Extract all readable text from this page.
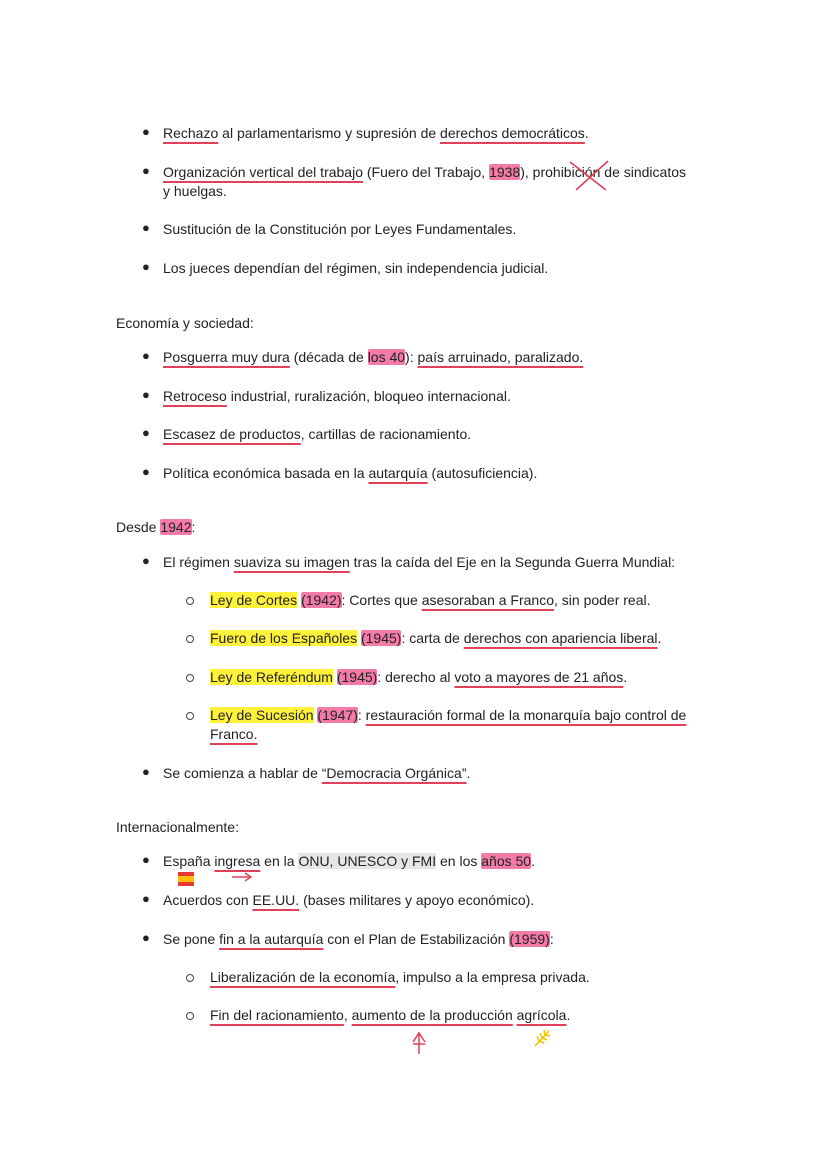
● Rechazo al parlamentarismo y supresión de derechos democráticos.
● Organización vertical del trabajo (Fuero del Trabajo, 1938), prohibición de sindicatos
y huelgas.
● Sustitución de la Constitución por Leyes Fundamentales.
● Los jueces dependían del régimen, sin independencia judicial.
Economía y sociedad:
● Posguerra muy dura (década de los 40): país arruinado, paralizado.
● Retroceso industrial, ruralización, bloqueo internacional.
● Escasez de productos, cartillas de racionamiento.
● Política económica basada en la autarquía (autosuficiencia).
Desde 1942:
● El régimen suaviza su imagen tras la caída del Eje en la Segunda Guerra Mundial:
Ley de Cortes (1942): Cortes que asesoraban a Franco, sin poder real.
Fuero de los Españoles (1945): carta de derechos con apariencia liberal.
Ley de Referéndum (1945): derecho al voto a mayores de 21 años.
Ley de Sucesión (1947): restauración formal de la monarquía bajo control de
Franco.
● Se comienza a hablar de “Democracia Orgánica”.
Internacionalmente:
● España ingresa en la ONU, UNESCO y FMI en los años 50.
● Acuerdos con EE.UU. (bases militares y apoyo económico).
● Se pone fin a la autarquía con el Plan de Estabilización (1959):
Liberalización de la economía, impulso a la empresa privada.
Fin del racionamiento, aumento de la producción agrícola.
